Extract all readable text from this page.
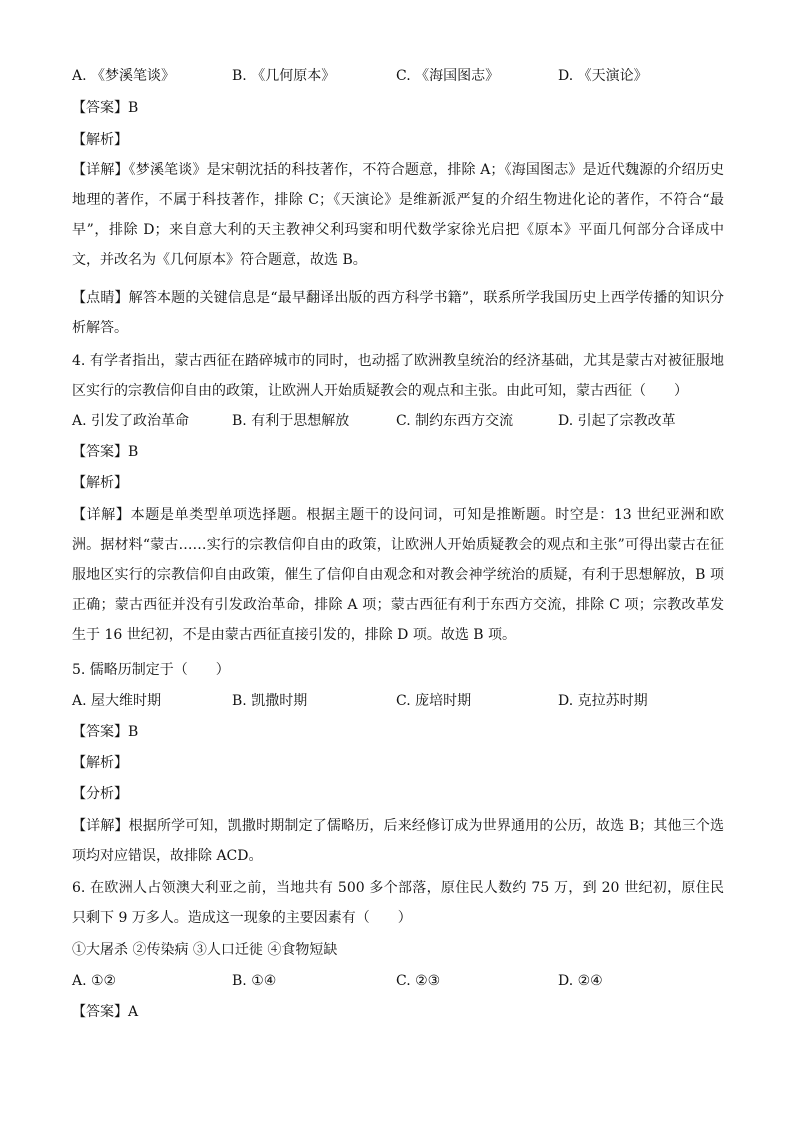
A. 《梦溪笔谈》	B. 《几何原本》	C. 《海国图志》	D. 《天演论》
【答案】B
【解析】
【详解】《梦溪笔谈》是宋朝沈括的科技著作，不符合题意，排除 A；《海国图志》是近代魏源的介绍历史地理的著作，不属于科技著作，排除 C；《天演论》是维新派严复的介绍生物进化论的著作，不符合“最早”，排除 D；来自意大利的天主教神父利玛窦和明代数学家徐光启把《原本》平面几何部分合译成中文，并改名为《几何原本》符合题意，故选 B。
【点睛】解答本题的关键信息是“最早翻译出版的西方科学书籍”，联系所学我国历史上西学传播的知识分析解答。
4. 有学者指出，蒙古西征在踏碎城市的同时，也动摇了欧洲教皇统治的经济基础，尤其是蒙古对被征服地区实行的宗教信仰自由的政策，让欧洲人开始质疑教会的观点和主张。由此可知，蒙古西征（　　）
A. 引发了政治革命	B. 有利于思想解放	C. 制约东西方交流	D. 引起了宗教改革
【答案】B
【解析】
【详解】本题是单类型单项选择题。根据主题干的设问词，可知是推断题。时空是：13 世纪亚洲和欧洲。据材料“蒙古……实行的宗教信仰自由的政策，让欧洲人开始质疑教会的观点和主张”可得出蒙古在征服地区实行的宗教信仰自由政策，催生了信仰自由观念和对教会神学统治的质疑，有利于思想解放，B 项正确；蒙古西征并没有引发政治革命，排除 A 项；蒙古西征有利于东西方交流，排除 C 项；宗教改革发生于 16 世纪初，不是由蒙古西征直接引发的，排除 D 项。故选 B 项。
5. 儒略历制定于（　　）
A. 屋大维时期	B. 凯撒时期	C. 庞培时期	D. 克拉苏时期
【答案】B
【解析】
【分析】
【详解】根据所学可知，凯撒时期制定了儒略历，后来经修订成为世界通用的公历，故选 B；其他三个选项均对应错误，故排除 ACD。
6. 在欧洲人占领澳大利亚之前，当地共有 500 多个部落，原住民人数约 75 万，到 20 世纪初，原住民只剩下 9 万多人。造成这一现象的主要因素有（　　）
①大屠杀 ②传染病 ③人口迁徙 ④食物短缺
A. ①②	B. ①④	C. ②③	D. ②④
【答案】A
